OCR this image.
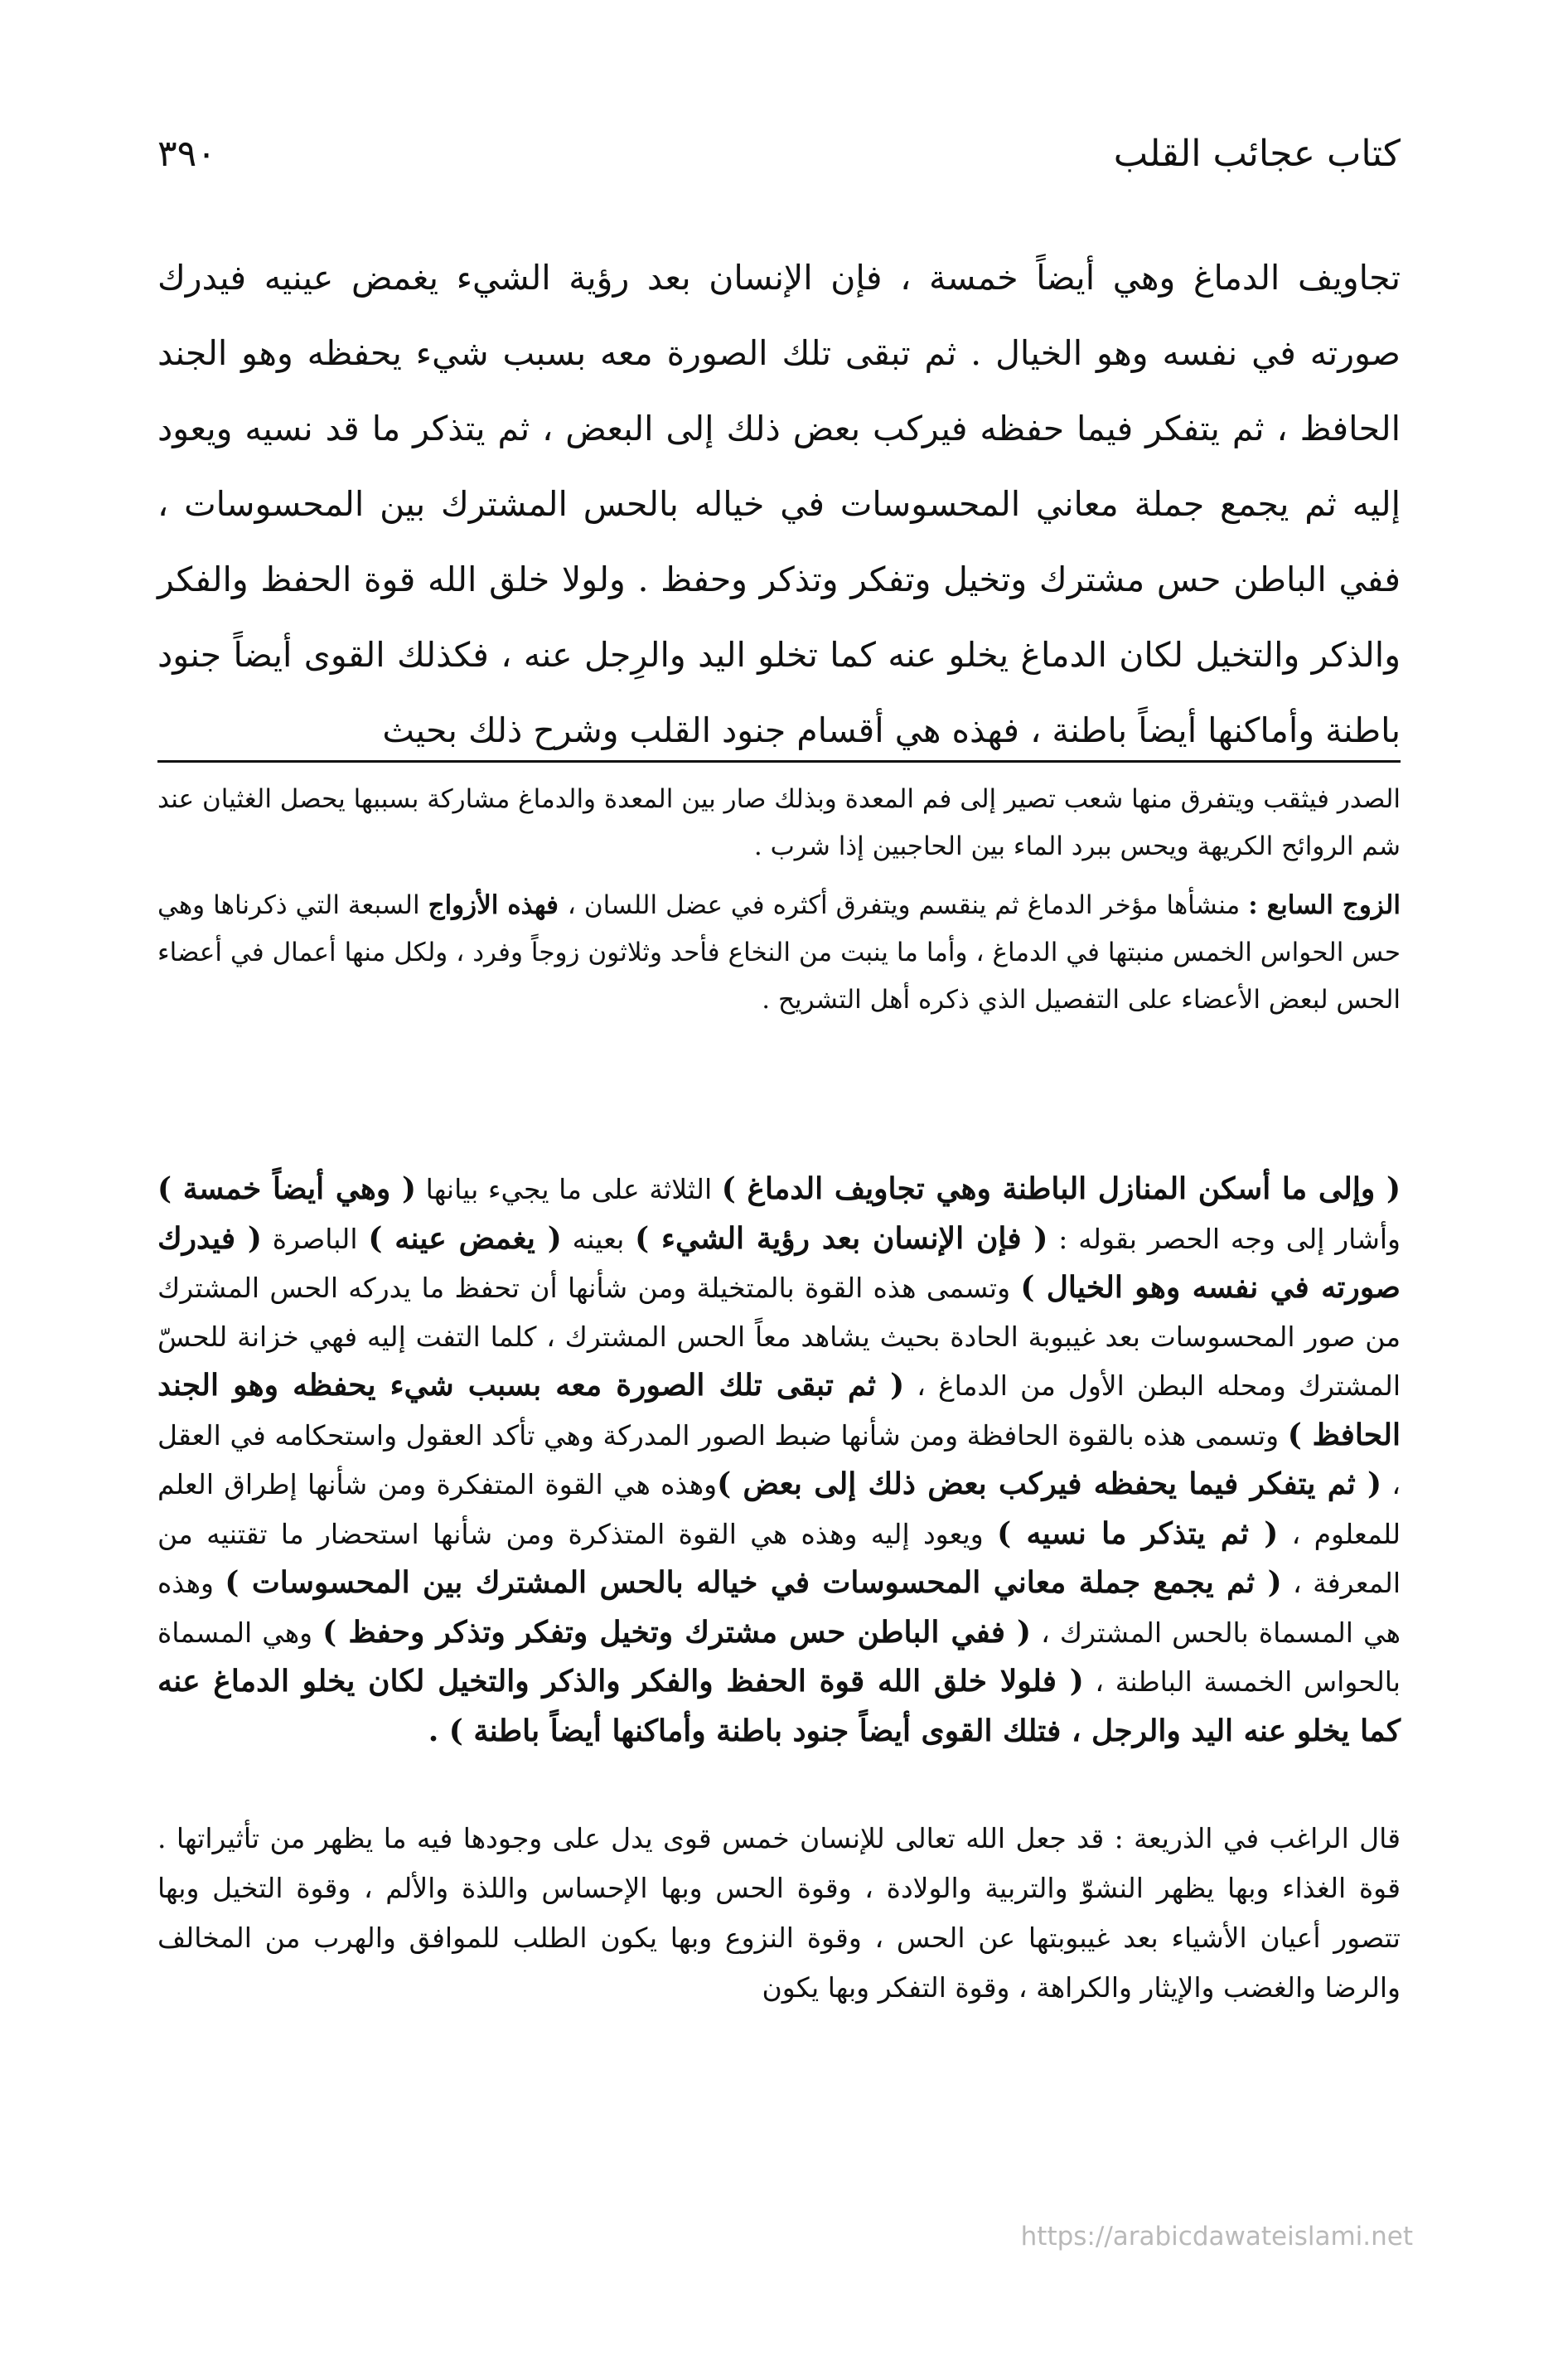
٣٩٠	كتاب عجائب القلب

تجاويف الدماغ وهي أيضاً خمسة ، فإن الإنسان بعد رؤية الشيء يغمض عينيه فيدرك صورته في نفسه وهو الخيال . ثم تبقى تلك الصورة معه بسبب شيء يحفظه وهو الجند الحافظ ، ثم يتفكر فيما حفظه فيركب بعض ذلك إلى البعض ، ثم يتذكر ما قد نسيه ويعود إليه ثم يجمع جملة معاني المحسوسات في خياله بالحس المشترك بين المحسوسات ، ففي الباطن حس مشترك وتخيل وتفكر وتذكر وحفظ . ولولا خلق الله قوة الحفظ والفكر والذكر والتخيل لكان الدماغ يخلو عنه كما تخلو اليد والرِجل عنه ، فكذلك القوى أيضاً جنود باطنة وأماكنها أيضاً باطنة ، فهذه هي أقسام جنود القلب وشرح ذلك بحيث

الصدر فيثقب ويتفرق منها شعب تصير إلى فم المعدة وبذلك صار بين المعدة والدماغ مشاركة بسببها يحصل الغثيان عند شم الروائح الكريهة ويحس ببرد الماء بين الحاجبين إذا شرب .

الزوج السابع : منشأها مؤخر الدماغ ثم ينقسم ويتفرق أكثره في عضل اللسان ، فهذه الأزواج السبعة التي ذكرناها وهي حس الحواس الخمس منبتها في الدماغ ، وأما ما ينبت من النخاع فأحد وثلاثون زوجاً وفرد ، ولكل منها أعمال في أعضاء الحس لبعض الأعضاء على التفصيل الذي ذكره أهل التشريح .

( وإلى ما أسكن المنازل الباطنة وهي تجاويف الدماغ ) الثلاثة على ما يجيء بيانها ( وهي أيضاً خمسة ) وأشار إلى وجه الحصر بقوله : ( فإن الإنسان بعد رؤية الشيء ) بعينه ( يغمض عينه ) الباصرة ( فيدرك صورته في نفسه وهو الخيال ) وتسمى هذه القوة بالمتخيلة ومن شأنها أن تحفظ ما يدركه الحس المشترك من صور المحسوسات بعد غيبوبة الحادة بحيث يشاهد معاً الحس المشترك ، كلما التفت إليه فهي خزانة للحسّ المشترك ومحله البطن الأول من الدماغ ، ( ثم تبقى تلك الصورة معه بسبب شيء يحفظه وهو الجند الحافظ ) وتسمى هذه بالقوة الحافظة ومن شأنها ضبط الصور المدركة وهي تأكد العقول واستحكامه في العقل ، ( ثم يتفكر فيما يحفظه فيركب بعض ذلك إلى بعض )وهذه هي القوة المتفكرة ومن شأنها إطراق العلم للمعلوم ، ( ثم يتذكر ما نسيه ) ويعود إليه وهذه هي القوة المتذكرة ومن شأنها استحضار ما تقتنيه من المعرفة ، ( ثم يجمع جملة معاني المحسوسات في خياله بالحس المشترك بين المحسوسات ) وهذه هي المسماة بالحس المشترك ، ( ففي الباطن حس مشترك وتخيل وتفكر وتذكر وحفظ ) وهي المسماة بالحواس الخمسة الباطنة ، ( فلولا خلق الله قوة الحفظ والفكر والذكر والتخيل لكان يخلو الدماغ عنه كما يخلو عنه اليد والرجل ، فتلك القوى أيضاً جنود باطنة وأماكنها أيضاً باطنة ) .

قال الراغب في الذريعة : قد جعل الله تعالى للإنسان خمس قوى يدل على وجودها فيه ما يظهر من تأثيراتها . قوة الغذاء وبها يظهر النشوّ والتربية والولادة ، وقوة الحس وبها الإحساس واللذة والألم ، وقوة التخيل وبها تتصور أعيان الأشياء بعد غيبوبتها عن الحس ، وقوة النزوع وبها يكون الطلب للموافق والهرب من المخالف والرضا والغضب والإيثار والكراهة ، وقوة التفكر وبها يكون

https://arabicdawateislami.net
